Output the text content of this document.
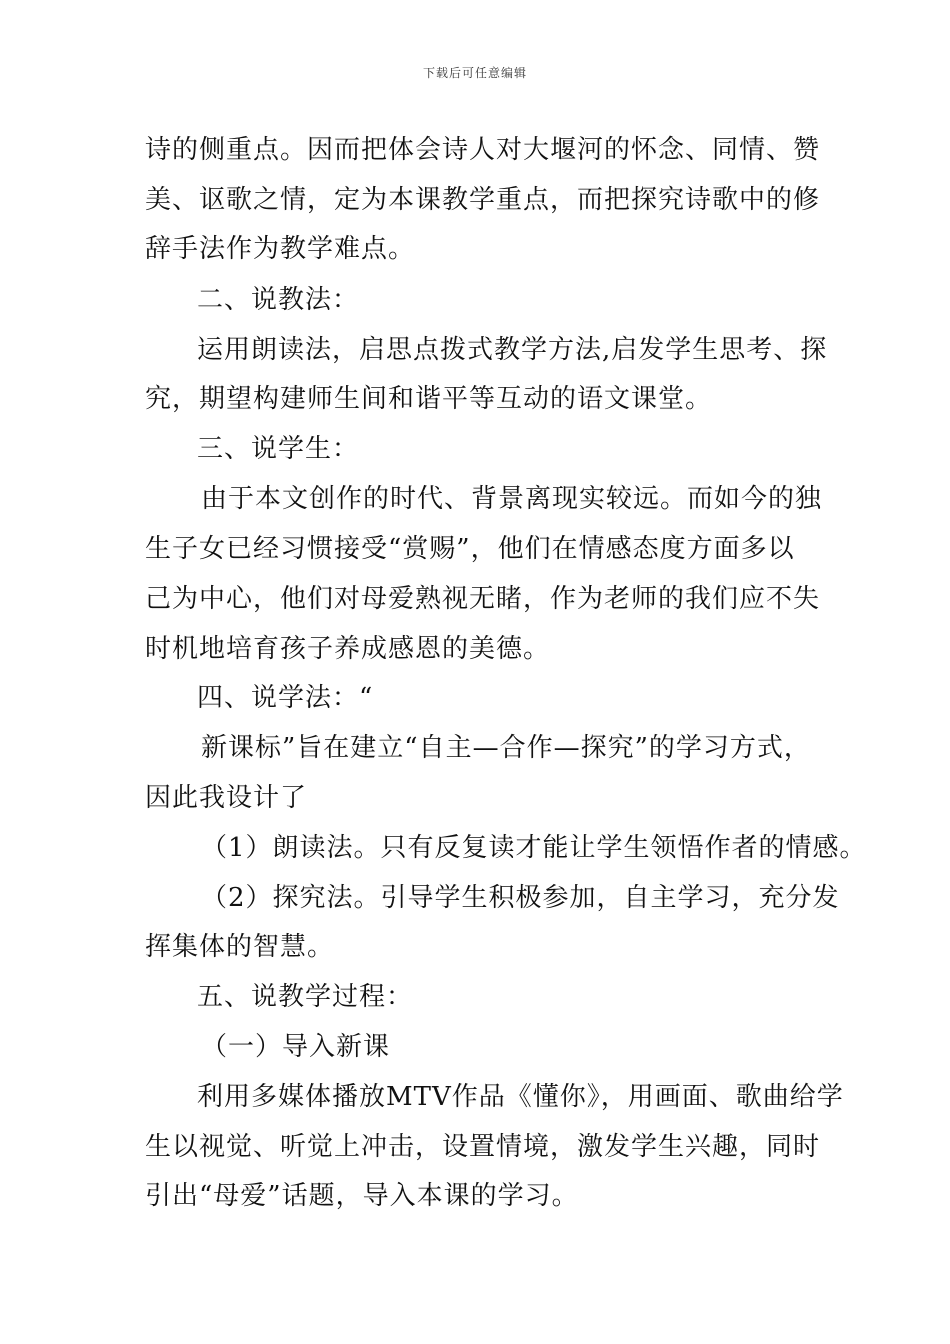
下载后可任意编辑
诗的侧重点。因而把体会诗人对大堰河的怀念、同情、赞
美、讴歌之情，定为本课教学重点，而把探究诗歌中的修
辞手法作为教学难点。
二、说教法：
运用朗读法，启思点拨式教学方法,启发学生思考、探
究，期望构建师生间和谐平等互动的语文课堂。
三、说学生：
由于本文创作的时代、背景离现实较远。而如今的独
生子女已经习惯接受“赏赐”，他们在情感态度方面多以
己为中心，他们对母爱熟视无睹，作为老师的我们应不失
时机地培育孩子养成感恩的美德。
四、说学法：“
新课标”旨在建立“自主—合作—探究”的学习方式，
因此我设计了
（1）朗读法。只有反复读才能让学生领悟作者的情感。
（2）探究法。引导学生积极参加，自主学习，充分发
挥集体的智慧。
五、说教学过程：
（一）导入新课
利用多媒体播放MTV作品《懂你》，用画面、歌曲给学
生以视觉、听觉上冲击，设置情境，激发学生兴趣，同时
引出“母爱”话题，导入本课的学习。
